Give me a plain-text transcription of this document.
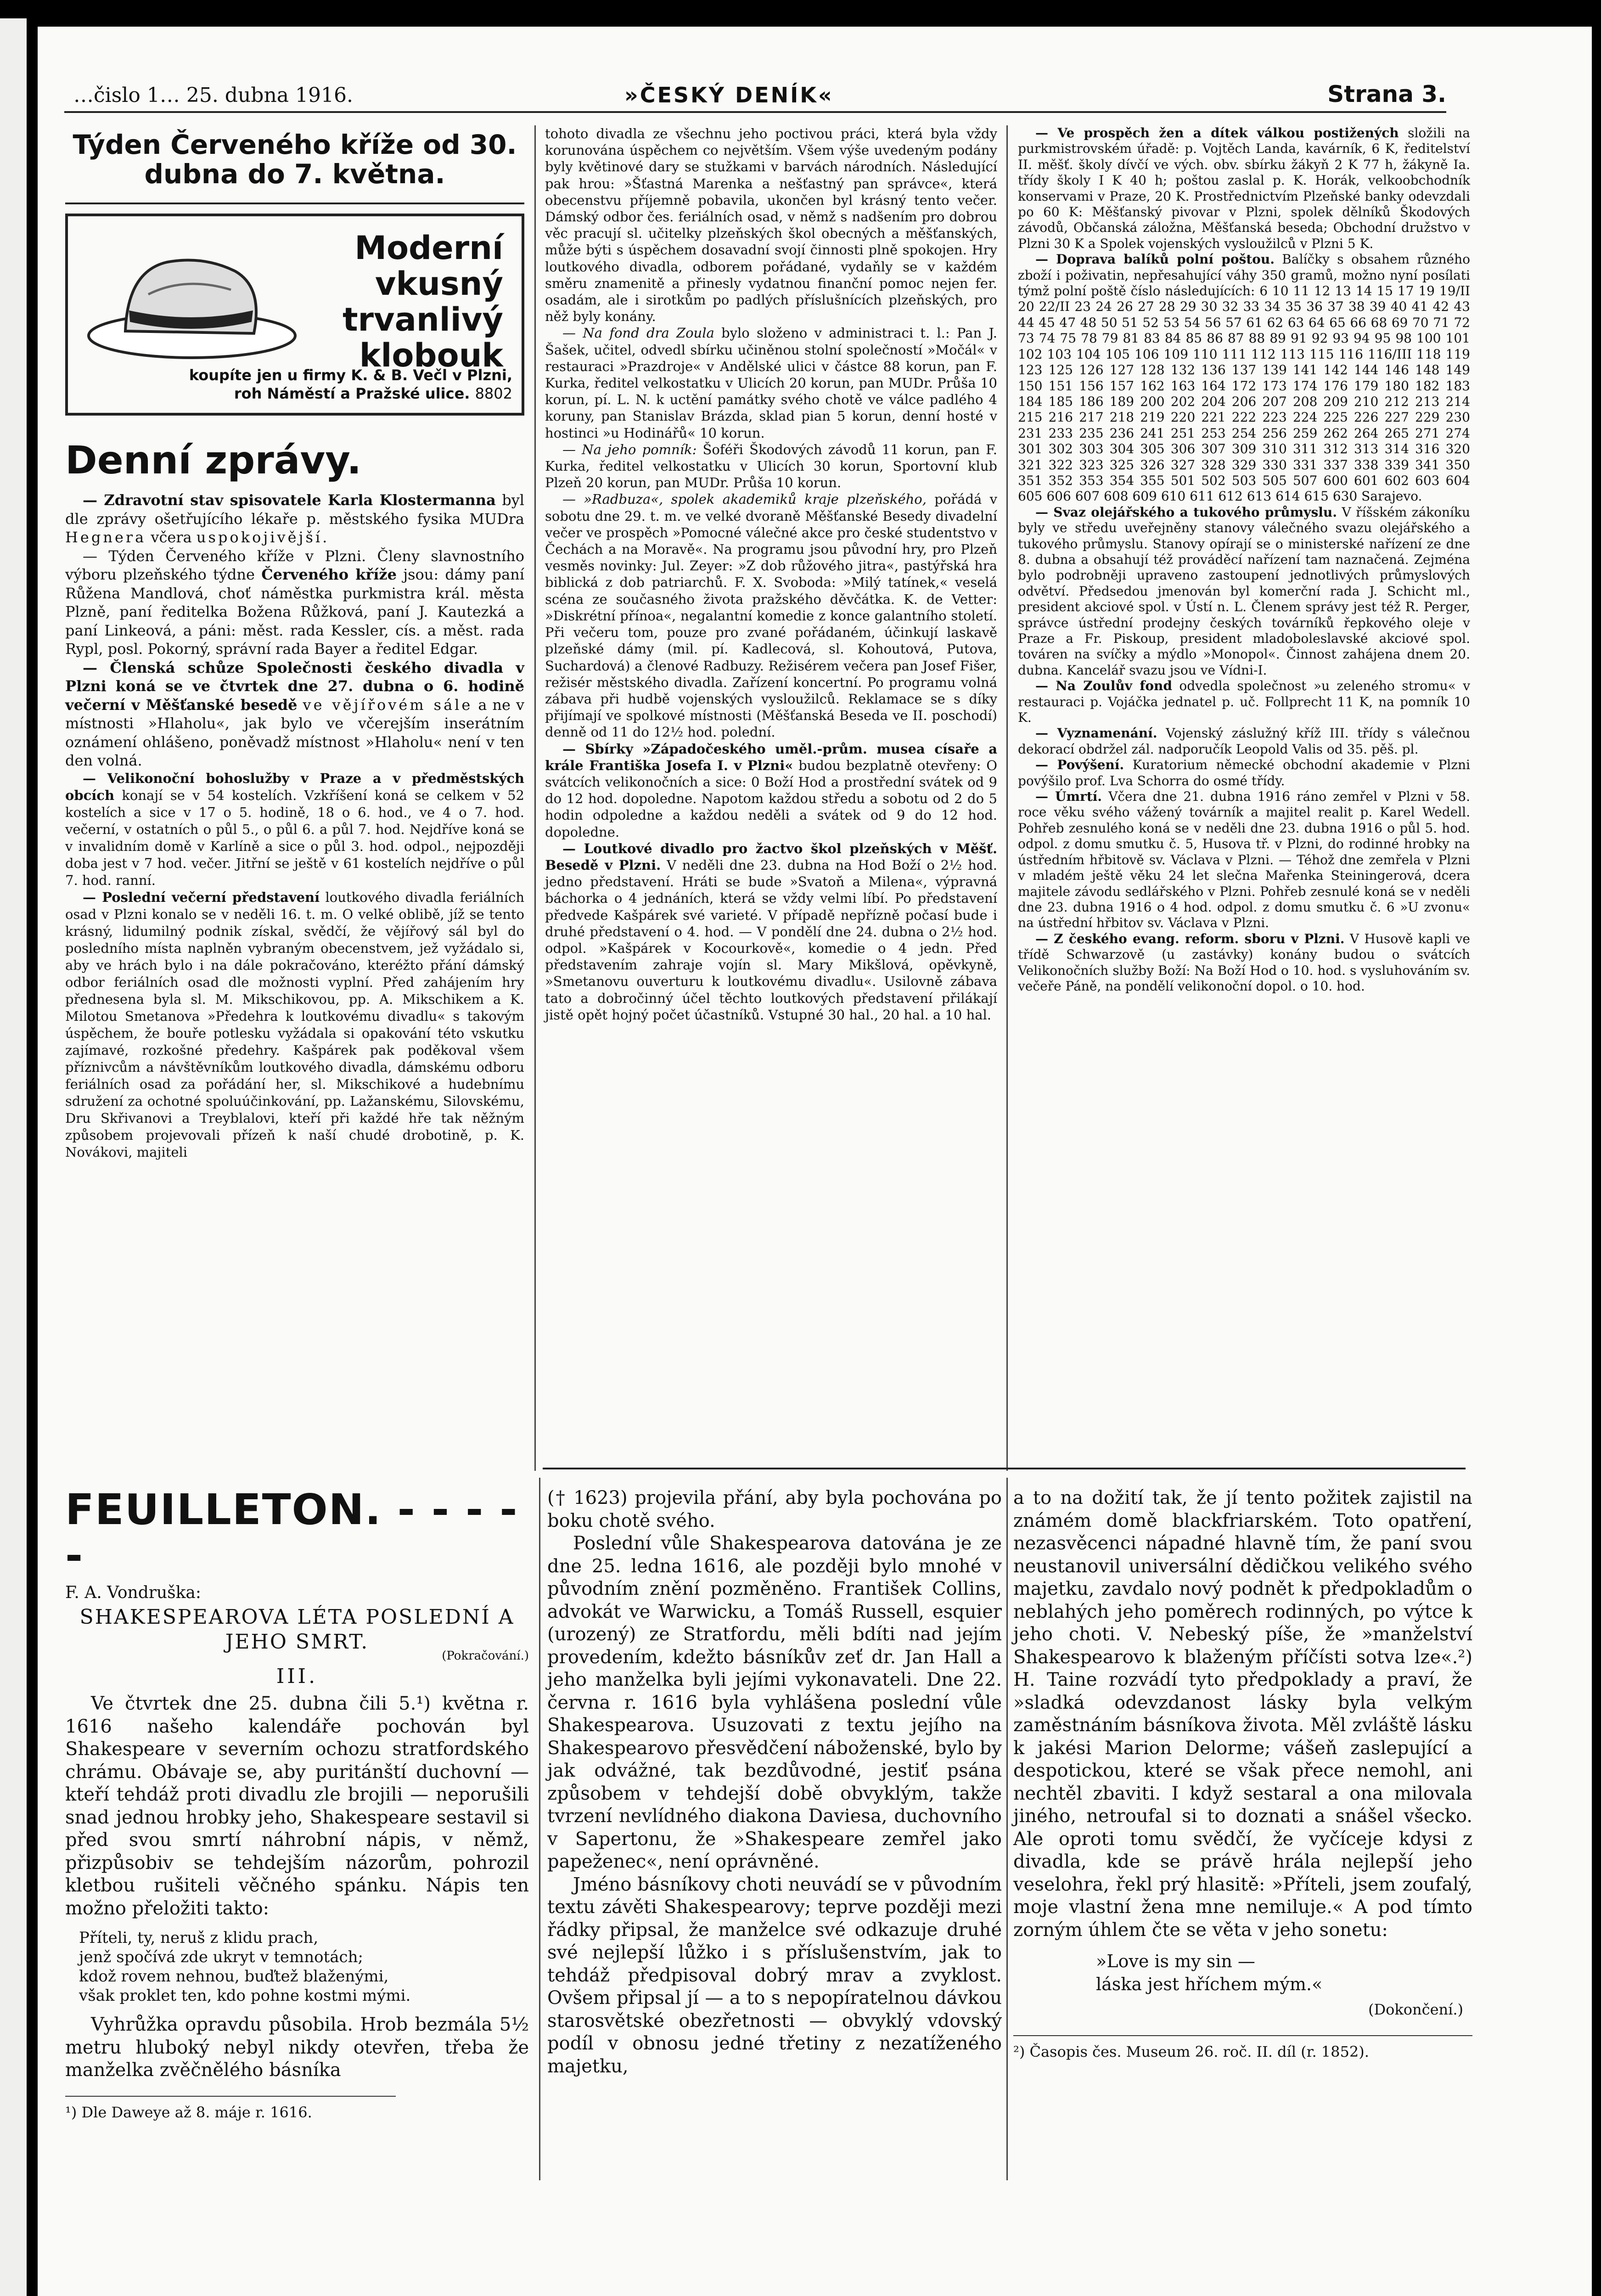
…čislo 1… 25. dubna 1916.	»ČESKÝ DENÍK«	Strana 3.
Týden Červeného kříže od 30. dubna do 7. května.
Moderní
vkusný
trvanlivý
klobouk
koupíte jen u firmy K. & B. Večl v Plzni,
roh Náměstí a Pražské ulice. 8802
Denní zprávy.

— Zdravotní stav spisovatele Karla Klostermanna byl dle zprávy ošetřujícího lékaře p. městského fysika MUDra Hegnera včera uspokojivější.

— Týden Červeného kříže v Plzni. Členy slavnostního výboru plzeňského týdne Červeného kříže jsou: dámy paní Růžena Mandlová, choť náměstka purkmistra král. města Plzně, paní ředitelka Božena Růžková, paní J. Kautezká a paní Linkeová, a páni: měst. rada Kessler, cís. a měst. rada Rypl, posl. Pokorný, správní rada Bayer a ředitel Edgar.

— Členská schůze Společnosti českého divadla v Plzni koná se ve čtvrtek dne 27. dubna o 6. hodině večerní v Měšťanské besedě ve vějířovém sále a ne v místnosti »Hlaholu«, jak bylo ve včerejším inserátním oznámení ohlášeno, poněvadž místnost »Hlaholu« není v ten den volná.

— Velikonoční bohoslužby v Praze a v předměstských obcích konají se v 54 kostelích. Vzkříšení koná se celkem v 52 kostelích a sice v 17 o 5. hodině, 18 o 6. hod., ve 4 o 7. hod. večerní, v ostatních o půl 5., o půl 6. a půl 7. hod. Nejdříve koná se v invalidním domě v Karlíně a sice o půl 3. hod. odpol., nejpozději doba jest v 7 hod. večer. Jitřní se ještě v 61 kostelích nejdříve o půl 7. hod. ranní.

— Poslední večerní představení loutkového divadla feriálních osad v Plzni konalo se v neděli 16. t. m. O velké oblibě, jíž se tento krásný, lidumilný podnik získal, svědčí, že vějířový sál byl do posledního místa naplněn vybraným obecenstvem, jež vyžádalo si, aby ve hrách bylo i na dále pokračováno, kteréžto přání dámský odbor feriálních osad dle možnosti vyplní. Před zahájením hry přednesena byla sl. M. Mikschikovou, pp. A. Mikschikem a K. Milotou Smetanova »Předehra k loutkovému divadlu« s takovým úspěchem, že bouře potlesku vyžádala si opakování této vskutku zajímavé, rozkošné předehry. Kašpárek pak poděkoval všem příznivcům a návštěvníkům loutkového divadla, dámskému odboru feriálních osad za pořádání her, sl. Mikschikové a hudebnímu sdružení za ochotné spoluúčinkování, pp. Lažanskému, Silovskému, Dru Skřivanovi a Treyblalovi, kteří při každé hře tak něžným způsobem projevovali přízeň k naší chudé drobotině, p. K. Novákovi, majiteli

tohoto divadla ze všechnu jeho poctivou práci, která byla vždy korunována úspěchem co největším. Všem výše uvedeným podány byly květinové dary se stužkami v barvách národních. Následující pak hrou: »Šťastná Marenka a nešťastný pan správce«, která obecenstvu příjemně pobavila, ukončen byl krásný tento večer. Dámský odbor čes. feriálních osad, v němž s nadšením pro dobrou věc pracují sl. učitelky plzeňských škol obecných a měšťanských, může býti s úspěchem dosavadní svojí činnosti plně spokojen. Hry loutkového divadla, odborem pořádané, vydaňly se v každém směru znamenitě a přinesly vydatnou finanční pomoc nejen fer. osadám, ale i sirotkům po padlých příslušnících plzeňských, pro něž byly konány.

— Na fond dra Zoula bylo složeno v administraci t. l.: Pan J. Šašek, učitel, odvedl sbírku učiněnou stolní společností »Močál« v restauraci »Prazdroje« v Andělské ulici v částce 88 korun, pan F. Kurka, ředitel velkostatku v Ulicích 20 korun, pan MUDr. Průša 10 korun, pí. L. N. k uctění památky svého chotě ve válce padlého 4 koruny, pan Stanislav Brázda, sklad pian 5 korun, denní hosté v hostinci »u Hodinářů« 10 korun.

— Na jeho pomník: Šoféři Škodových závodů 11 korun, pan F. Kurka, ředitel velkostatku v Ulicích 30 korun, Sportovní klub Plzeň 20 korun, pan MUDr. Průša 10 korun.

— »Radbuza«, spolek akademiků kraje plzeňského, pořádá v sobotu dne 29. t. m. ve velké dvoraně Měšťanské Besedy divadelní večer ve prospěch »Pomocné válečné akce pro české studentstvo v Čechách a na Moravě«. Na programu jsou původní hry, pro Plzeň vesměs novinky: Jul. Zeyer: »Z dob růžového jitra«, pastýřská hra biblická z dob patriarchů. F. X. Svoboda: »Milý tatínek,« veselá scéna ze současného života pražského děvčátka. K. de Vetter: »Diskrétní přínoa«, negalantní komedie z konce galantního století. Při večeru tom, pouze pro zvané pořádaném, účinkují laskavě plzeňské dámy (mil. pí. Kadlecová, sl. Kohoutová, Putova, Suchardová) a členové Radbuzy. Režisérem večera pan Josef Fišer, režisér městského divadla. Zařízení koncertní. Po programu volná zábava při hudbě vojenských vysloužilců. Reklamace se s díky přijímají ve spolkové místnosti (Měšťanská Beseda ve II. poschodí) denně od 11 do 12½ hod. polední.

— Sbírky »Západočeského uměl.-prům. musea císaře a krále Františka Josefa I. v Plzni« budou bezplatně otevřeny: O svátcích velikonočních a sice: 0 Boží Hod a prostřední svátek od 9 do 12 hod. dopoledne. Napotom každou středu a sobotu od 2 do 5 hodin odpoledne a každou neděli a svátek od 9 do 12 hod. dopoledne.

— Loutkové divadlo pro žactvo škol plzeňských v Měšť. Besedě v Plzni. V neděli dne 23. dubna na Hod Boží o 2½ hod. jedno představení. Hráti se bude »Svatoň a Milena«, výpravná báchorka o 4 jednáních, která se vždy velmi líbí. Po představení předvede Kašpárek své varieté. V případě nepřízně počasí bude i druhé představení o 4. hod. — V pondělí dne 24. dubna o 2½ hod. odpol. »Kašpárek v Kocourkově«, komedie o 4 jedn. Před představením zahraje vojín sl. Mary Mikšlová, opěvkyně, »Smetanovu ouverturu k loutkovému divadlu«. Usilovně zábava tato a dobročinný účel těchto loutkových představení přilákají jistě opět hojný počet účastníků. Vstupné 30 hal., 20 hal. a 10 hal.

— Ve prospěch žen a dítek válkou postižených složili na purkmistrovském úřadě: p. Vojtěch Landa, kavárník, 6 K, ředitelství II. měšť. školy dívčí ve vých. obv. sbírku žákyň 2 K 77 h, žákyně Ia. třídy školy I K 40 h; poštou zaslal p. K. Horák, velkoobchodník konservami v Praze, 20 K. Prostřednictvím Plzeňské banky odevzdali po 60 K: Měšťanský pivovar v Plzni, spolek dělníků Škodových závodů, Občanská záložna, Měšťanská beseda; Obchodní družstvo v Plzni 30 K a Spolek vojenských vysloužilců v Plzni 5 K.

— Doprava balíků polní poštou. Balíčky s obsahem různého zboží i poživatin, nepřesahující váhy 350 gramů, možno nyní posílati týmž polní poště číslo následujících: 6 10 11 12 13 14 15 17 19 19/II 20 22/II 23 24 26 27 28 29 30 32 33 34 35 36 37 38 39 40 41 42 43 44 45 47 48 50 51 52 53 54 56 57 61 62 63 64 65 66 68 69 70 71 72 73 74 75 78 79 81 83 84 85 86 87 88 89 91 92 93 94 95 98 100 101 102 103 104 105 106 109 110 111 112 113 115 116 116/III 118 119 123 125 126 127 128 132 136 137 139 141 142 144 146 148 149 150 151 156 157 162 163 164 172 173 174 176 179 180 182 183 184 185 186 189 200 202 204 206 207 208 209 210 212 213 214 215 216 217 218 219 220 221 222 223 224 225 226 227 229 230 231 233 235 236 241 251 253 254 256 259 262 264 265 271 274 301 302 303 304 305 306 307 309 310 311 312 313 314 316 320 321 322 323 325 326 327 328 329 330 331 337 338 339 341 350 351 352 353 354 355 501 502 503 505 507 600 601 602 603 604 605 606 607 608 609 610 611 612 613 614 615 630 Sarajevo.

— Svaz olejářského a tukového průmyslu. V říšském zákoníku byly ve středu uveřejněny stanovy válečného svazu olejářského a tukového průmyslu. Stanovy opírají se o ministerské nařízení ze dne 8. dubna a obsahují též prováděcí nařízení tam naznačená. Zejména bylo podrobněji upraveno zastoupení jednotlivých průmyslových odvětví. Předsedou jmenován byl komerční rada J. Schicht ml., president akciové spol. v Ústí n. L. Členem správy jest též R. Perger, správce ústřední prodejny českých továrníků řepkového oleje v Praze a Fr. Piskoup, president mladoboleslavské akciové spol. továren na svíčky a mýdlo »Monopol«. Činnost zahájena dnem 20. dubna. Kancelář svazu jsou ve Vídni-I.

— Na Zoulův fond odvedla společnost »u zeleného stromu« v restauraci p. Vojáčka jednatel p. uč. Follprecht 11 K, na pomník 10 K.

— Vyznamenání. Vojenský záslužný kříž III. třídy s válečnou dekorací obdržel zál. nadporučík Leopold Valis od 35. pěš. pl.

— Povýšení. Kuratorium německé obchodní akademie v Plzni povýšilo prof. Lva Schorra do osmé třídy.

— Úmrtí. Včera dne 21. dubna 1916 ráno zemřel v Plzni v 58. roce věku svého vážený továrník a majitel realit p. Karel Wedell. Pohřeb zesnulého koná se v neděli dne 23. dubna 1916 o půl 5. hod. odpol. z domu smutku č. 5, Husova tř. v Plzni, do rodinné hrobky na ústředním hřbitově sv. Václava v Plzni. — Téhož dne zemřela v Plzni v mladém ještě věku 24 let slečna Mařenka Steiningerová, dcera majitele závodu sedlářského v Plzni. Pohřeb zesnulé koná se v neděli dne 23. dubna 1916 o 4 hod. odpol. z domu smutku č. 6 »U zvonu« na ústřední hřbitov sv. Václava v Plzni.

— Z českého evang. reform. sboru v Plzni. V Husově kapli ve třídě Schwarzově (u zastávky) konány budou o svátcích Velikonočních služby Boží: Na Boží Hod o 10. hod. s vysluhováním sv. večeře Páně, na pondělí velikonoční dopol. o 10. hod.

FEUILLETON. - - - - -
F. A. Vondruška:
SHAKESPEAROVA LÉTA POSLEDNÍ A JEHO SMRT.
(Pokračování.)
III.

Ve čtvrtek dne 25. dubna čili 5.¹) května r. 1616 našeho kalendáře pochován byl Shakespeare v severním ochozu stratfordského chrámu. Obávaje se, aby puritánští duchovní — kteří tehdáž proti divadlu zle brojili — neporušili snad jednou hrobky jeho, Shakespeare sestavil si před svou smrtí náhrobní nápis, v němž, přizpůsobiv se tehdejším názorům, pohrozil kletbou rušiteli věčného spánku. Nápis ten možno přeložiti takto:

Příteli, ty, neruš z klidu prach,
jenž spočívá zde ukryt v temnotách;
kdož rovem nehnou, buďtež blaženými,
však proklet ten, kdo pohne kostmi mými.

Vyhrůžka opravdu působila. Hrob bezmála 5½ metru hluboký nebyl nikdy otevřen, třeba že manželka zvěčnělého básníka

¹) Dle Daweye až 8. máje r. 1616.

(† 1623) projevila přání, aby byla pochována po boku chotě svého.

Poslední vůle Shakespearova datována je ze dne 25. ledna 1616, ale později bylo mnohé v původním znění pozměněno. František Collins, advokát ve Warwicku, a Tomáš Russell, esquier (urozený) ze Stratfordu, měli bdíti nad jejím provedením, kdežto básníkův zeť dr. Jan Hall a jeho manželka byli jejími vykonavateli. Dne 22. června r. 1616 byla vyhlášena poslední vůle Shakespearova. Usuzovati z textu jejího na Shakespearovo přesvědčení náboženské, bylo by jak odvážné, tak bezdůvodné, jestiť psána způsobem v tehdejší době obvyklým, takže tvrzení nevlídného diakona Daviesa, duchovního v Sapertonu, že »Shakespeare zemřel jako papeženec«, není oprávněné.

Jméno básníkovy choti neuvádí se v původním textu závěti Shakespearovy; teprve později mezi řádky připsal, že manželce své odkazuje druhé své nejlepší lůžko i s příslušenstvím, jak to tehdáž předpisoval dobrý mrav a zvyklost. Ovšem připsal jí — a to s nepopíratelnou dávkou starosvětské obezřetnosti — obvyklý vdovský podíl v obnosu jedné třetiny z nezatíženého majetku,

a to na dožití tak, že jí tento požitek zajistil na známém domě blackfriarském. Toto opatření, nezasvěcenci nápadné hlavně tím, že paní svou neustanovil universální dědičkou velikého svého majetku, zavdalo nový podnět k předpokladům o neblahých jeho poměrech rodinných, po výtce k jeho choti. V. Nebeský píše, že »manželství Shakespearovo k blaženým příčísti sotva lze«.²) H. Taine rozvádí tyto předpoklady a praví, že »sladká odevzdanost lásky byla velkým zaměstnáním básníkova života. Měl zvláště lásku k jakési Marion Delorme; vášeň zaslepující a despotickou, které se však přece nemohl, ani nechtěl zbaviti. I když sestaral a ona milovala jiného, netroufal si to doznati a snášel všecko. Ale oproti tomu svědčí, že vyčíceje kdysi z divadla, kde se právě hrála nejlepší jeho veselohra, řekl prý hlasitě: »Příteli, jsem zoufalý, moje vlastní žena mne nemiluje.« A pod tímto zorným úhlem čte se věta v jeho sonetu:

»Love is my sin —
láska jest hříchem mým.«
(Dokončení.)
²) Časopis čes. Museum 26. roč. II. díl (r. 1852).
